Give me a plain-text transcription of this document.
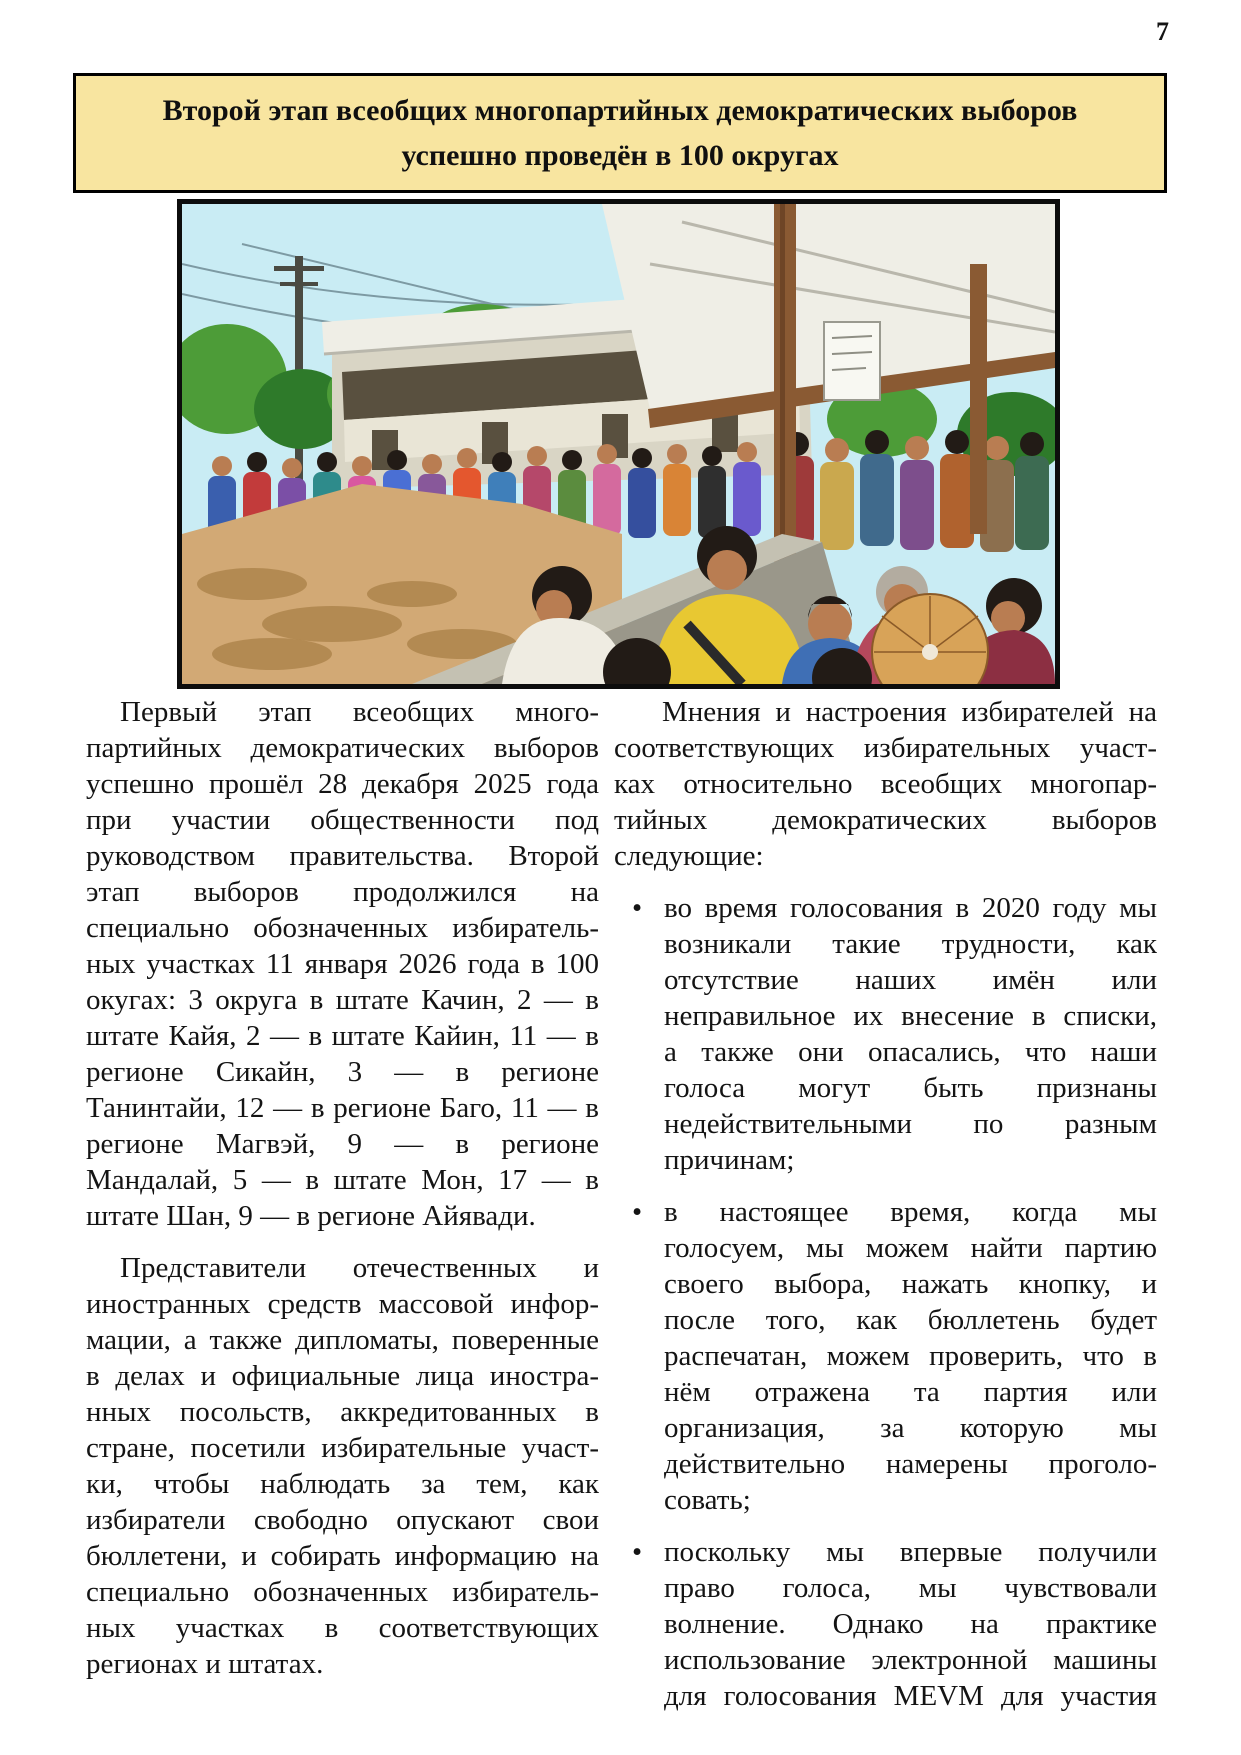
7
Второй этап всеобщих многопартийных демократических выборов
успешно проведён в 100 округах
Первый этап всеобщих много-
партийных демократических выборов
успешно прошёл 28 декабря 2025 года
при участии общественности под
руководством правительства. Второй
этап выборов продолжился на
специально обозначенных избиратель-
ных участках 11 января 2026 года в 100
окугах: 3 округа в штате Качин, 2 — в
штате Кайя, 2 — в штате Кайин, 11 — в
регионе Сикайн, 3 — в регионе
Танинтайи, 12 — в регионе Баго, 11 — в
регионе Магвэй, 9 — в регионе
Мандалай, 5 — в штате Мон, 17 — в
штате Шан, 9 — в регионе Айявади.
Представители отечественных и
иностранных средств массовой инфор-
мации, а также дипломаты, поверенные
в делах и официальные лица иностра-
нных посольств, аккредитованных в
стране, посетили избирательные участ-
ки, чтобы наблюдать за тем, как
избиратели свободно опускают свои
бюллетени, и собирать информацию на
специально обозначенных избиратель-
ных участках в соответствующих
регионах и штатах.
Мнения и настроения избирателей на
соответствующих избирательных участ-
ках относительно всеобщих многопар-
тийных демократических выборов
следующие:
• во время голосования в 2020 году мы
возникали такие трудности, как
отсутствие наших имён или
неправильное их внесение в списки,
а также они опасались, что наши
голоса могут быть признаны
недействительными по разным
причинам;
• в настоящее время, когда мы
голосуем, мы можем найти партию
своего выбора, нажать кнопку, и
после того, как бюллетень будет
распечатан, можем проверить, что в
нём отражена та партия или
организация, за которую мы
действительно намерены проголо-
совать;
• поскольку мы впервые получили
право голоса, мы чувствовали
волнение. Однако на практике
использование электронной машины
для голосования MEVM для участия
